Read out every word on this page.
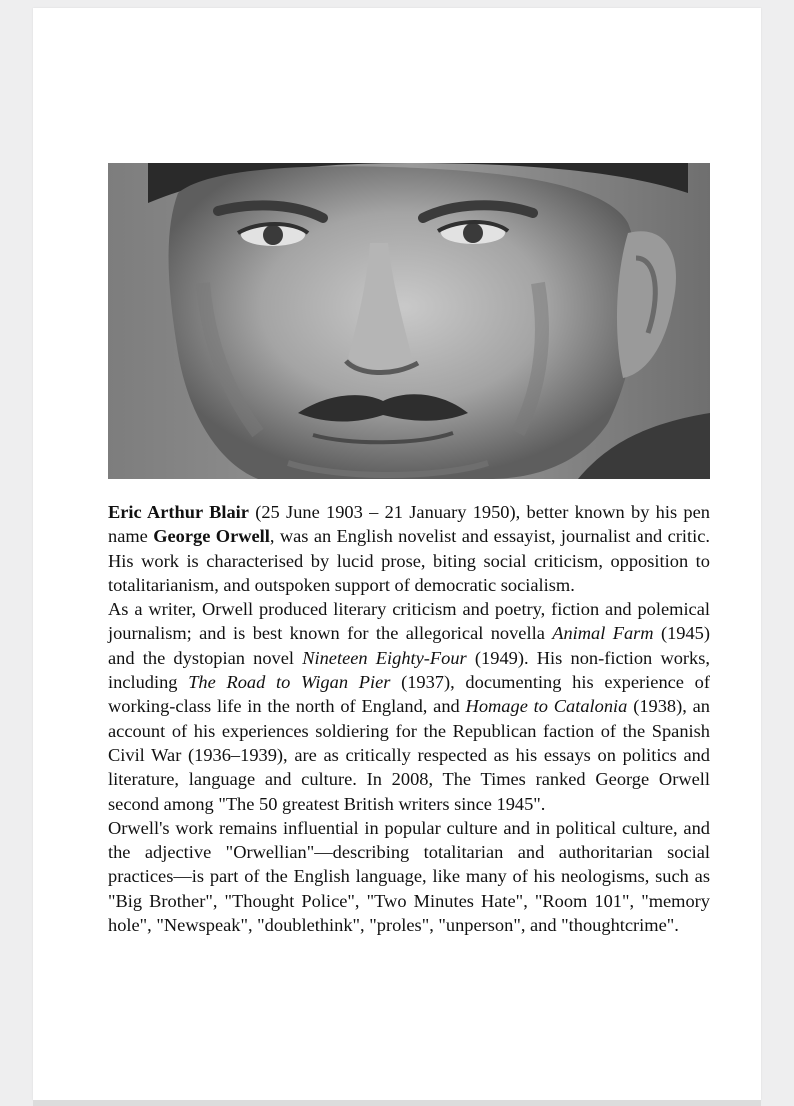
Eric Arthur Blair (25 June 1903 – 21 January 1950), better known by his pen name George Orwell, was an English novelist and essayist, journalist and critic. His work is characterised by lucid prose, biting social criticism, opposition to totalitarianism, and outspoken support of democratic socialism.

As a writer, Orwell produced literary criticism and poetry, fiction and polemical journalism; and is best known for the allegorical novella Animal Farm (1945) and the dystopian novel Nineteen Eighty-Four (1949). His non-fiction works, including The Road to Wigan Pier (1937), documenting his experience of working-class life in the north of England, and Homage to Catalonia (1938), an account of his experiences soldiering for the Republican faction of the Spanish Civil War (1936–1939), are as critically respected as his essays on politics and literature, language and culture. In 2008, The Times ranked George Orwell second among "The 50 greatest British writers since 1945".

Orwell's work remains influential in popular culture and in political culture, and the adjective "Orwellian"—describing totalitarian and authoritarian social practices—is part of the English language, like many of his neologisms, such as "Big Brother", "Thought Police", "Two Minutes Hate", "Room 101", "memory hole", "Newspeak", "doublethink", "proles", "unperson", and "thoughtcrime".
